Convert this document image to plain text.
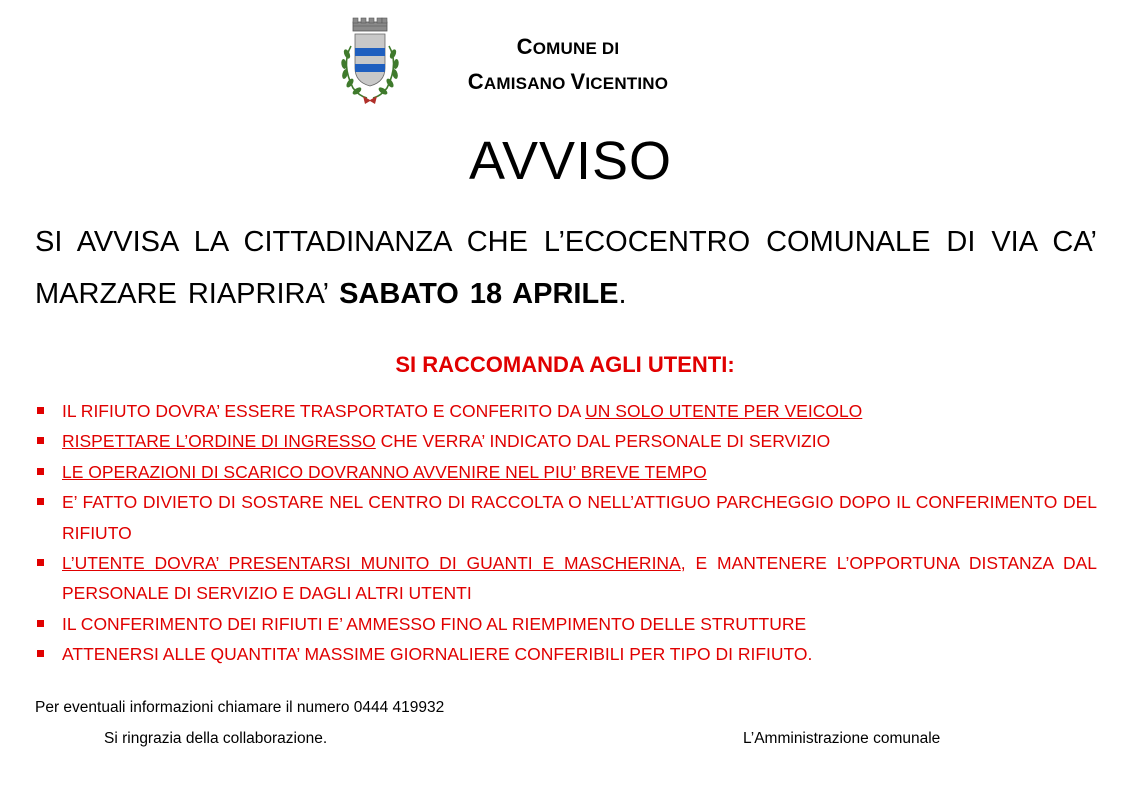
COMUNE DI
CAMISANO VICENTINO
AVVISO
SI AVVISA LA CITTADINANZA CHE L’ECOCENTRO COMUNALE DI VIA CA’ MARZARE RIAPRIRA’ SABATO 18 APRILE.
SI RACCOMANDA AGLI UTENTI:
IL RIFIUTO DOVRA’ ESSERE TRASPORTATO E CONFERITO DA UN SOLO UTENTE PER VEICOLO
RISPETTARE L’ORDINE DI INGRESSO CHE VERRA’ INDICATO DAL PERSONALE DI SERVIZIO
LE OPERAZIONI DI SCARICO DOVRANNO AVVENIRE NEL PIU’ BREVE TEMPO
E’ FATTO DIVIETO DI SOSTARE NEL CENTRO DI RACCOLTA O NELL’ATTIGUO PARCHEGGIO DOPO IL CONFERIMENTO DEL RIFIUTO
L’UTENTE DOVRA’ PRESENTARSI MUNITO DI GUANTI E MASCHERINA, E MANTENERE L’OPPORTUNA DISTANZA DAL PERSONALE DI SERVIZIO E DAGLI ALTRI UTENTI
IL CONFERIMENTO DEI RIFIUTI E’ AMMESSO FINO AL RIEMPIMENTO DELLE STRUTTURE
ATTENERSI ALLE QUANTITA’ MASSIME GIORNALIERE CONFERIBILI PER TIPO DI RIFIUTO.
Per eventuali informazioni chiamare il numero 0444 419932
Si ringrazia della collaborazione.	L’Amministrazione comunale
